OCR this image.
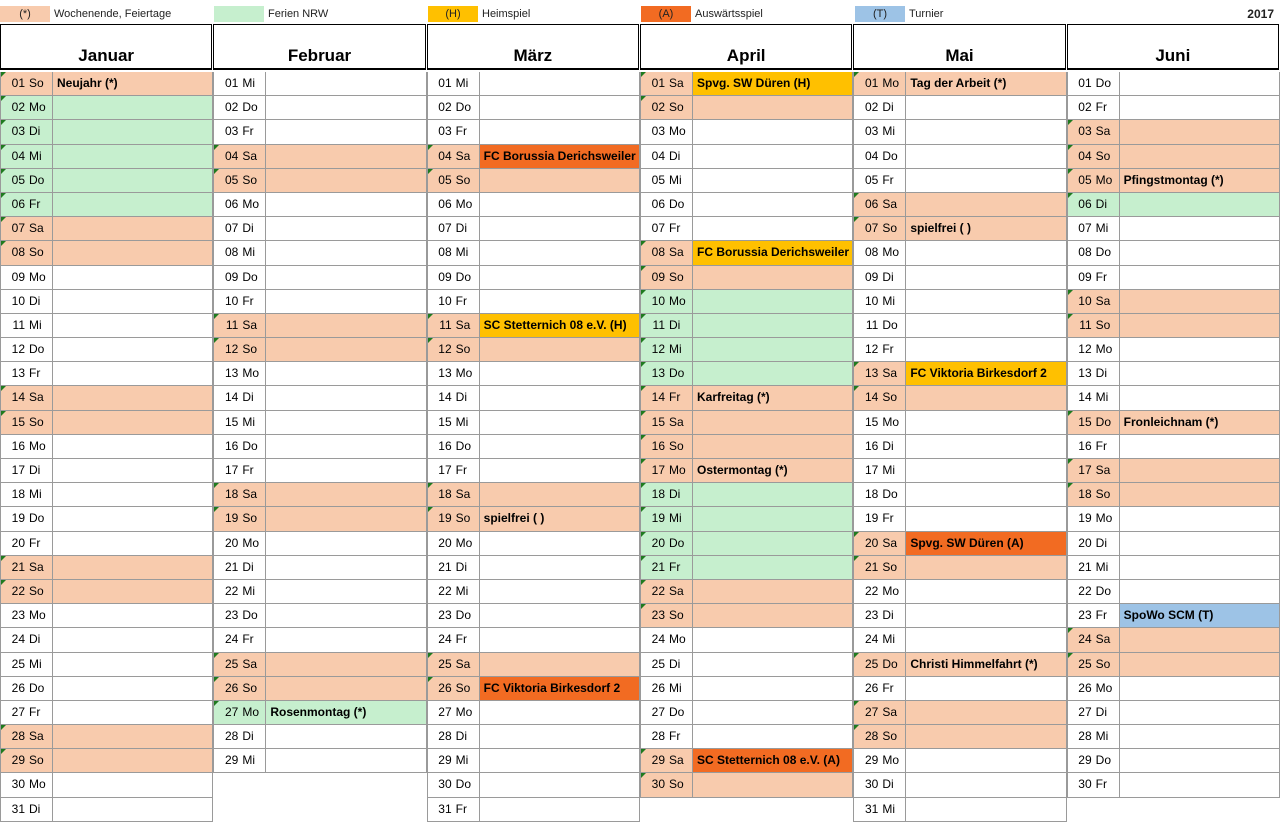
(*)	Wochenende, Feiertage	Ferien NRW	(H)	Heimspiel	(A)	Auswärtsspiel	(T)	Turnier	2017
Januar
01 So	Neujahr (*)
02 Mo
03 Di
04 Mi
05 Do
06 Fr
07 Sa
08 So
09 Mo
10 Di
11 Mi
12 Do
13 Fr
14 Sa
15 So
16 Mo
17 Di
18 Mi
19 Do
20 Fr
21 Sa
22 So
23 Mo
24 Di
25 Mi
26 Do
27 Fr
28 Sa
29 So
30 Mo
31 Di
Februar
01 Mi
02 Do
03 Fr
04 Sa
05 So
06 Mo
07 Di
08 Mi
09 Do
10 Fr
11 Sa
12 So
13 Mo
14 Di
15 Mi
16 Do
17 Fr
18 Sa
19 So
20 Mo
21 Di
22 Mi
23 Do
24 Fr
25 Sa
26 So
27 Mo Rosenmontag (*)
28 Di
29 Mi
März
01 Mi
02 Do
03 Fr
04 Sa	FC Borussia Derichsweiler
05 So
06 Mo
07 Di
08 Mi
09 Do
10 Fr
11 Sa	SC Stetternich 08 e.V. (H)
12 So
13 Mo
14 Di
15 Mi
16 Do
17 Fr
18 Sa
19 So	spielfrei ( )
20 Mo
21 Di
22 Mi
23 Do
24 Fr
25 Sa
26 So	FC Viktoria Birkesdorf 2
27 Mo
28 Di
29 Mi
30 Do
31 Fr
April
01 Sa	Spvg. SW Düren (H)
02 So
03 Mo
04 Di
05 Mi
06 Do
07 Fr
08 Sa	FC Borussia Derichsweiler
09 So
10 Mo
11 Di
12 Mi
13 Do
14 Fr	Karfreitag (*)
15 Sa
16 So
17 Mo Ostermontag (*)
18 Di
19 Mi
20 Do
21 Fr
22 Sa
23 So
24 Mo
25 Di
26 Mi
27 Do
28 Fr
29 Sa	SC Stetternich 08 e.V. (A)
30 So
Mai
01 Mo Tag der Arbeit (*)
02 Di
03 Mi
04 Do
05 Fr
06 Sa
07 So	spielfrei ( )
08 Mo
09 Di
10 Mi
11 Do
12 Fr
13 Sa	FC Viktoria Birkesdorf 2
14 So
15 Mo
16 Di
17 Mi
18 Do
19 Fr
20 Sa	Spvg. SW Düren (A)
21 So
22 Mo
23 Di
24 Mi
25 Do	Christi Himmelfahrt (*)
26 Fr
27 Sa
28 So
29 Mo
30 Di
31 Mi
Juni
01 Do
02 Fr
03 Sa
04 So
05 Mo Pfingstmontag (*)
06 Di
07 Mi
08 Do
09 Fr
10 Sa
11 So
12 Mo
13 Di
14 Mi
15 Do	Fronleichnam (*)
16 Fr
17 Sa
18 So
19 Mo
20 Di
21 Mi
22 Do
23 Fr	SpoWo SCM (T)
24 Sa
25 So
26 Mo
27 Di
28 Mi
29 Do
30 Fr
